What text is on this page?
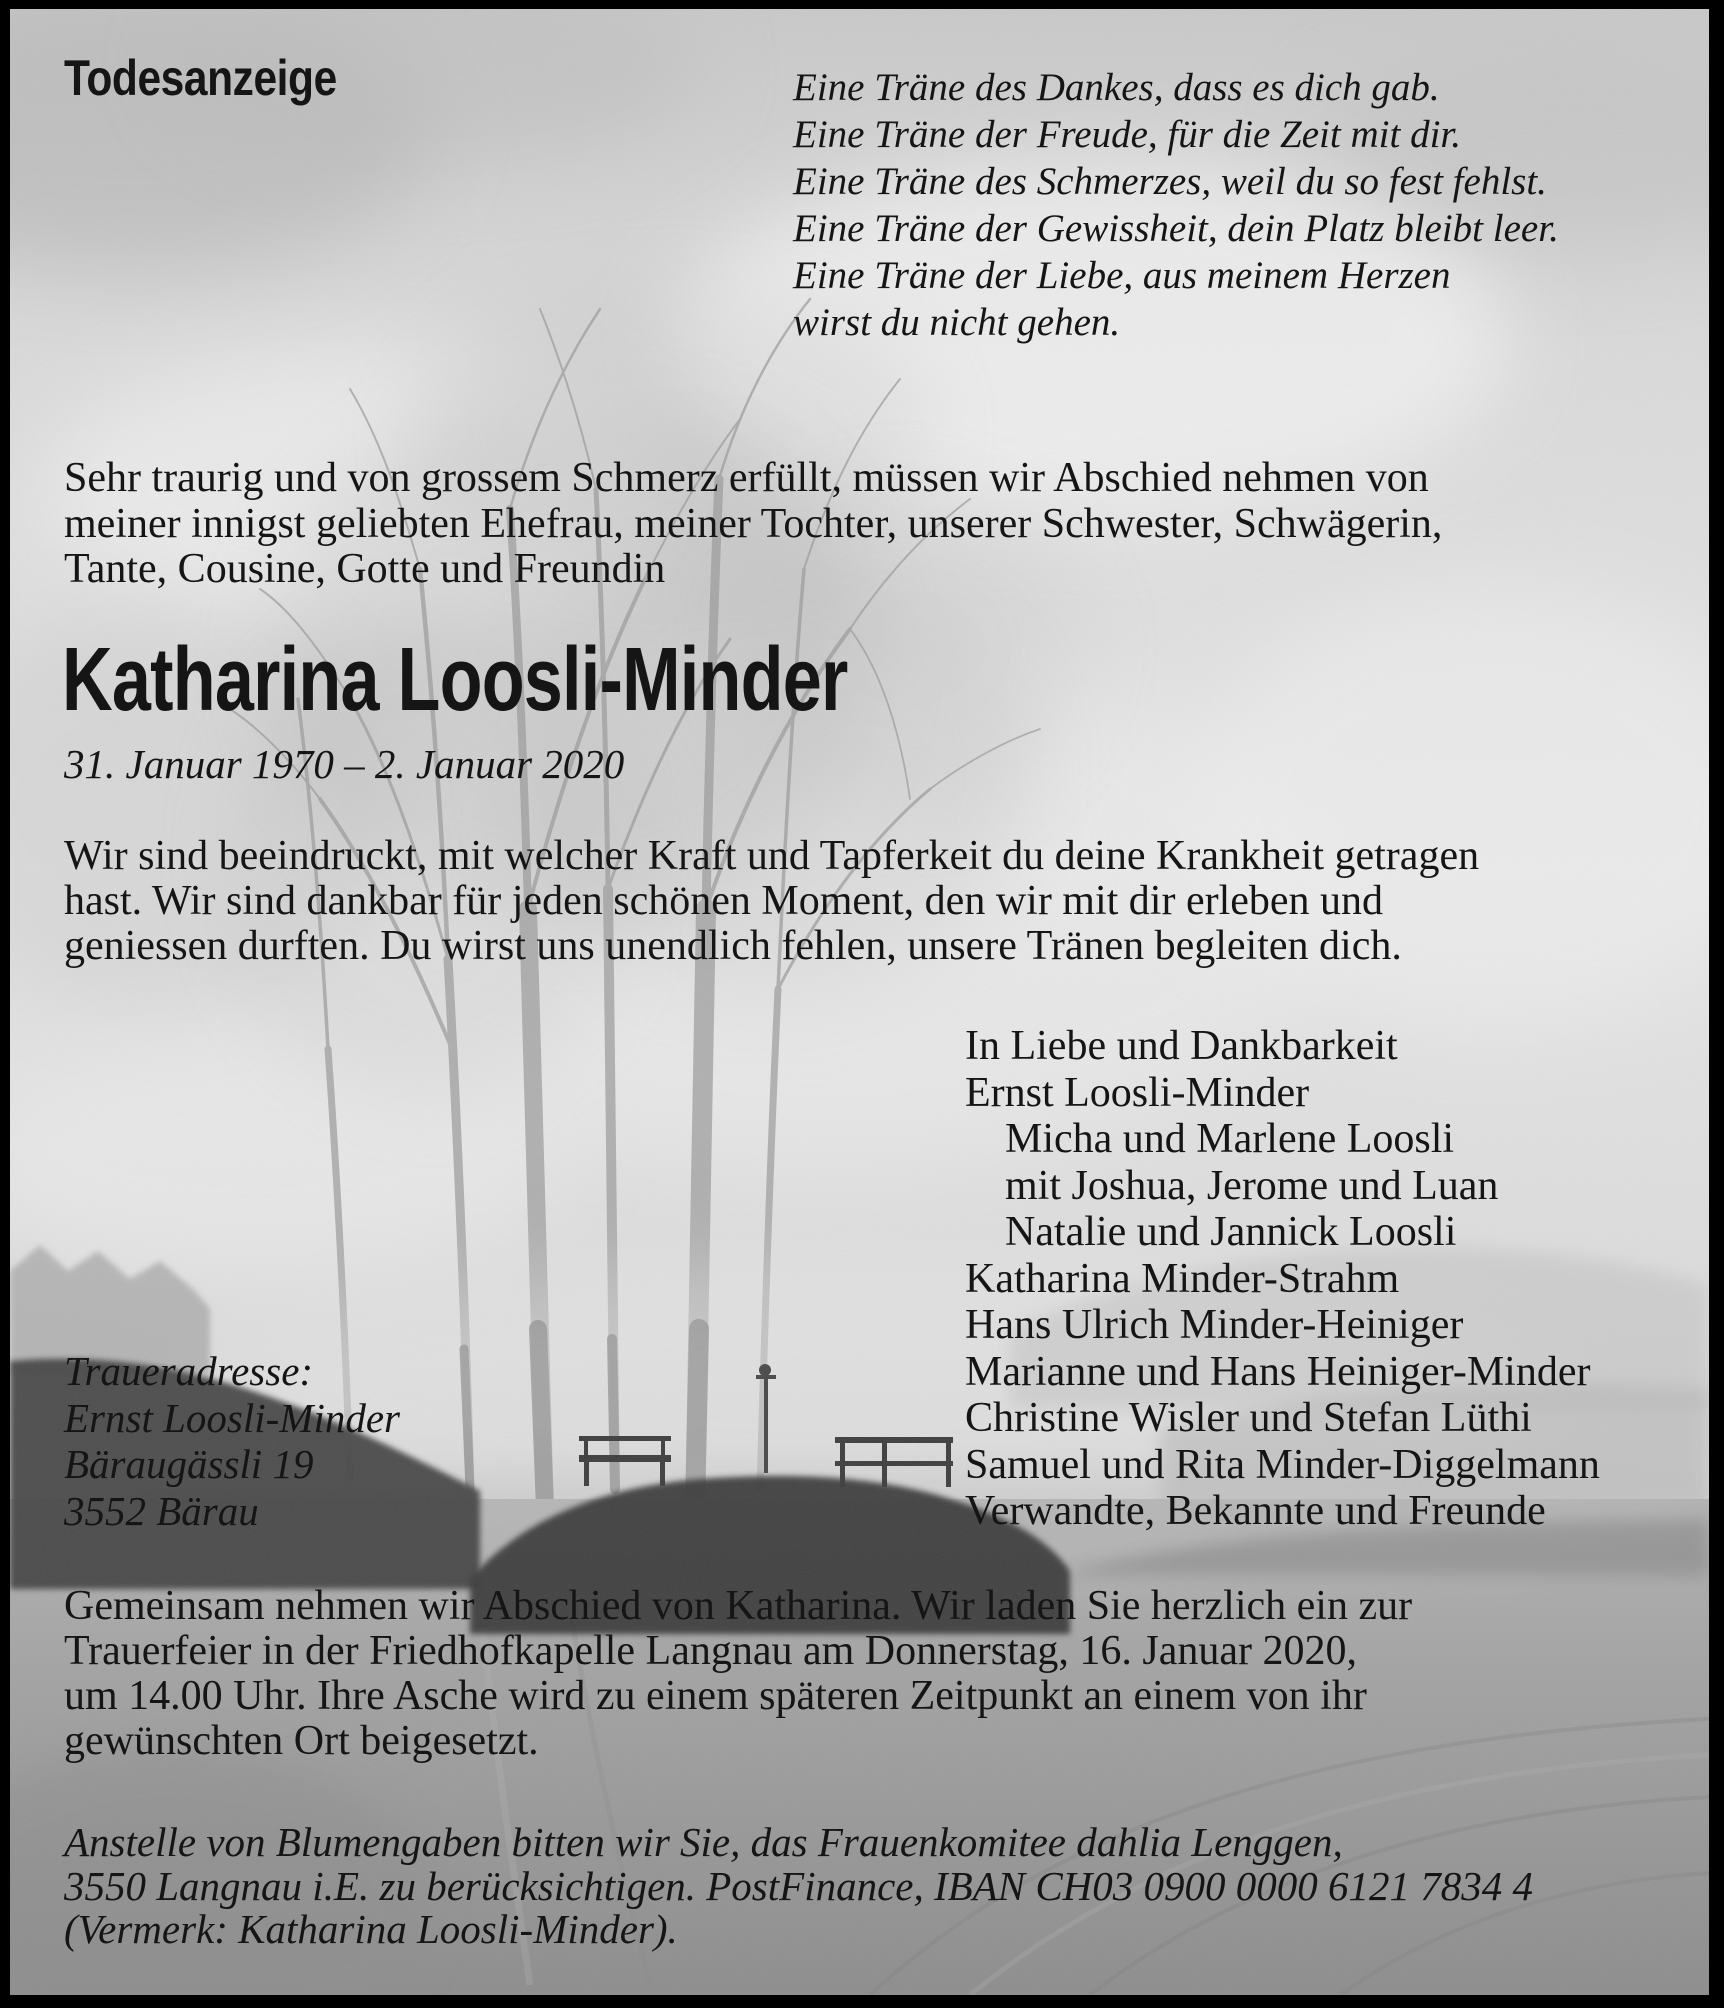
Todesanzeige	Eine Träne des Dankes, dass es dich gab.
Eine Träne der Freude, für die Zeit mit dir.
Eine Träne des Schmerzes, weil du so fest fehlst.
Eine Träne der Gewissheit, dein Platz bleibt leer.
Eine Träne der Liebe, aus meinem Herzen
wirst du nicht gehen.
Sehr traurig und von grossem Schmerz erfüllt, müssen wir Abschied nehmen von
meiner innigst geliebten Ehefrau, meiner Tochter, unserer Schwester, Schwägerin,
Tante, Cousine, Gotte und Freundin
Katharina Loosli-Minder
31. Januar 1970 – 2. Januar 2020
Wir sind beeindruckt, mit welcher Kraft und Tapferkeit du deine Krankheit getragen
hast. Wir sind dankbar für jeden schönen Moment, den wir mit dir erleben und
geniessen durften. Du wirst uns unendlich fehlen, unsere Tränen begleiten dich.
In Liebe und Dankbarkeit
Ernst Loosli-Minder
Micha und Marlene Loosli
mit Joshua, Jerome und Luan
Natalie und Jannick Loosli
Katharina Minder-Strahm
Hans Ulrich Minder-Heiniger
Marianne und Hans Heiniger-Minder
Christine Wisler und Stefan Lüthi
Samuel und Rita Minder-Diggelmann
Verwandte, Bekannte und Freunde
Traueradresse:
Ernst Loosli-Minder
Bäraugässli 19
3552 Bärau
Gemeinsam nehmen wir Abschied von Katharina. Wir laden Sie herzlich ein zur
Trauerfeier in der Friedhofkapelle Langnau am Donnerstag, 16. Januar 2020,
um 14.00 Uhr. Ihre Asche wird zu einem späteren Zeitpunkt an einem von ihr
gewünschten Ort beigesetzt.
Anstelle von Blumengaben bitten wir Sie, das Frauenkomitee dahlia Lenggen,
3550 Langnau i.E. zu berücksichtigen. PostFinance, IBAN CH03 0900 0000 6121 7834 4
(Vermerk: Katharina Loosli-Minder).
